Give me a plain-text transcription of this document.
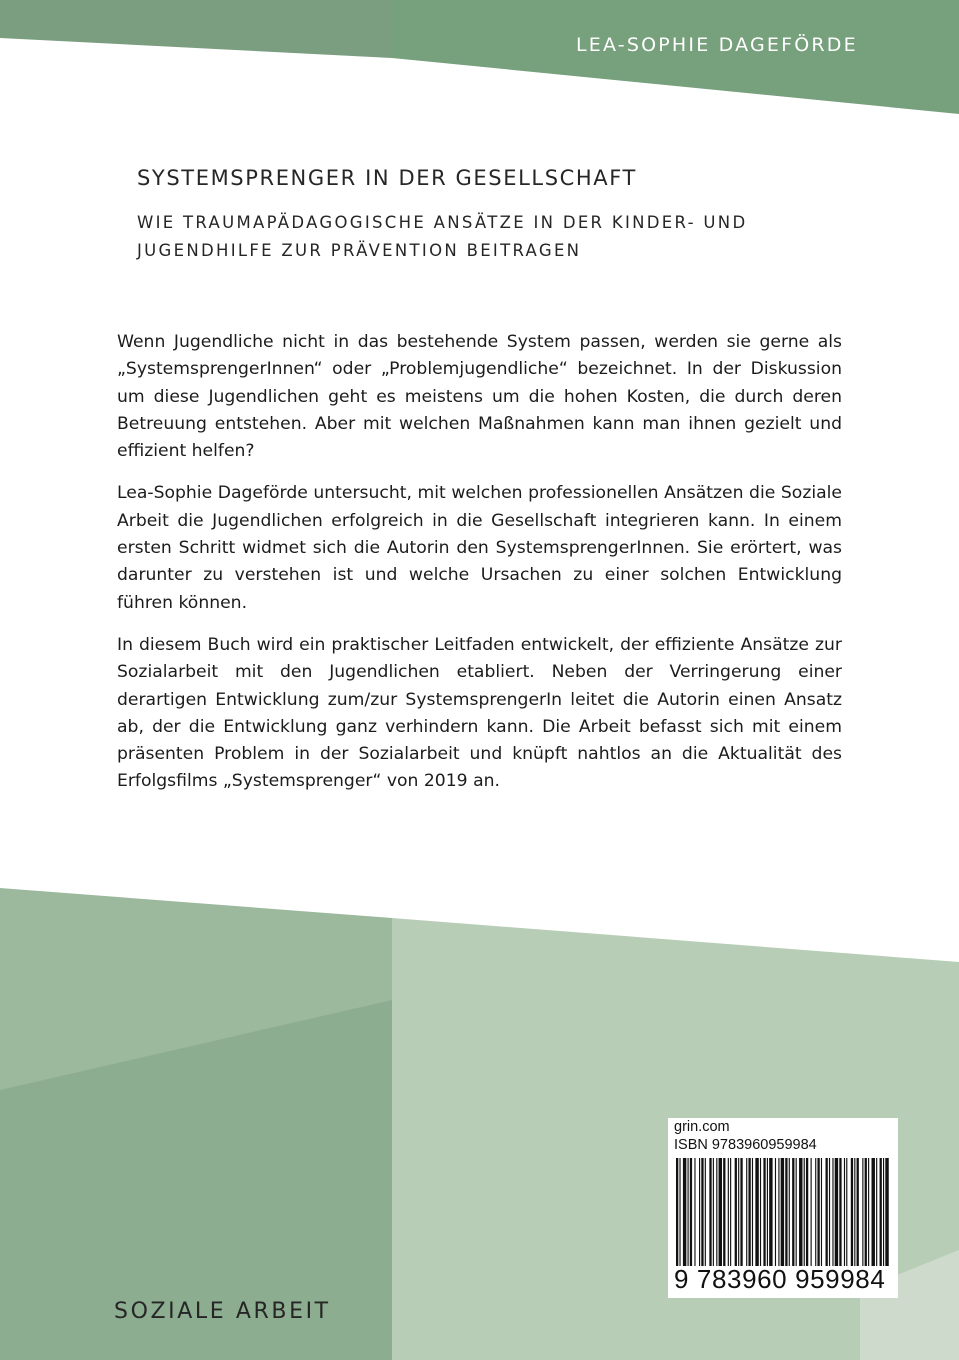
LEA-SOPHIE DAGEFÖRDE
SYSTEMSPRENGER IN DER GESELLSCHAFT
WIE TRAUMAPÄDAGOGISCHE ANSÄTZE IN DER KINDER- UND
JUGENDHILFE ZUR PRÄVENTION BEITRAGEN

Wenn Jugendliche nicht in das bestehende System passen, werden sie gerne als „SystemsprengerInnen“ oder „Problemjugendliche“ bezeichnet. In der Diskussion um diese Jugendlichen geht es meistens um die hohen Kosten, die durch deren Betreuung entstehen. Aber mit welchen Maßnahmen kann man ihnen gezielt und effizient helfen?

Lea-Sophie Dageförde untersucht, mit welchen professionellen Ansätzen die Soziale Arbeit die Jugendlichen erfolgreich in die Gesellschaft integrieren kann. In einem ersten Schritt widmet sich die Autorin den SystemsprengerInnen. Sie erörtert, was darunter zu verstehen ist und welche Ursachen zu einer solchen Entwicklung führen können.

In diesem Buch wird ein praktischer Leitfaden entwickelt, der effiziente Ansätze zur Sozialarbeit mit den Jugendlichen etabliert. Neben der Verringerung einer derartigen Entwicklung zum/zur SystemsprengerIn leitet die Autorin einen Ansatz ab, der die Entwicklung ganz verhindern kann. Die Arbeit befasst sich mit einem präsenten Problem in der Sozialarbeit und knüpft nahtlos an die Aktualität des Erfolgsfilms „Systemsprenger“ von 2019 an.

grin.com
ISBN 9783960959984
9 783960 959984
SOZIALE ARBEIT
